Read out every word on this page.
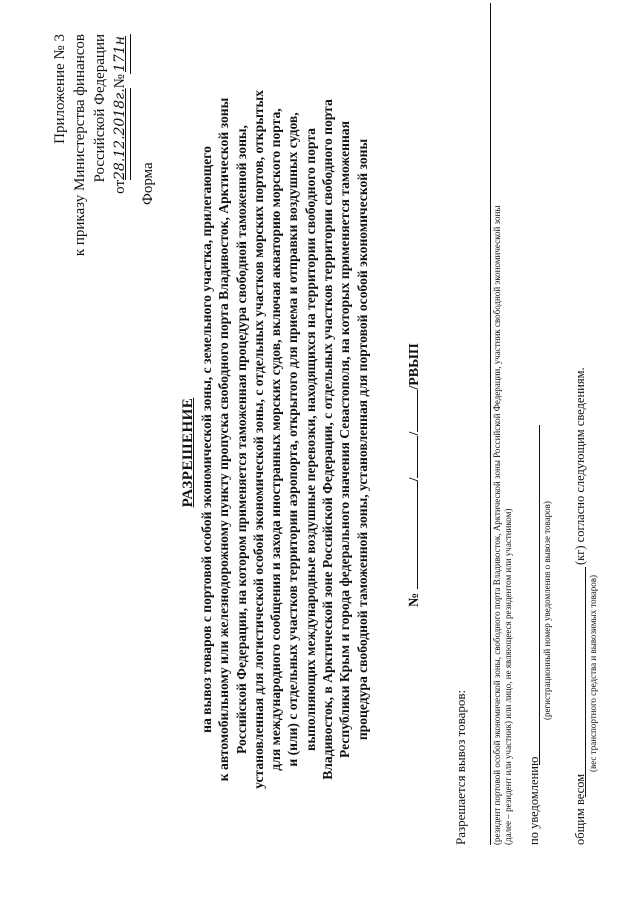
Приложение № 3 к приказу Министерства финансов Российской Федерации
от28.12.2018г.№171н
Форма
РАЗРЕШЕНИЕ на вывоз товаров с портовой особой экономической зоны, с земельного участка, прилегающего к автомобильному или железнодорожному пункту пропуска свободного порта Владивосток, Арктической зоны Российской Федерации, на котором применяется таможенная процедура свободной таможенной зоны, установленная для логистической особой экономической зоны, с отдельных участков морских портов, открытых для международного сообщения и захода иностранных морских судов, включая акваторию морского порта, и (или) с отдельных участков территории аэропорта, открытого для приема и отправки воздушных судов, выполняющих международные воздушные перевозки, находящихся на территории свободного порта Владивосток, в Арктической зоне Российской Федерации, с отдельных участков территории свободного порта Республики Крым и города федерального значения Севастополя, на которых применяется таможенная процедура свободной таможенной зоны, установленная для портовой особой экономической зоны	№ ///РВЫП
Разрешается вывоз товаров:	(резидент портовой особой экономической зоны, свободного порта Владивосток, Арктической зоны Российской Федерации, участник свободной экономической зоны (далее – резидент или участник) или лицо, не являющееся резидентом или участником) по уведомлению
(регистрационный номер уведомления о вывозе товаров)
общим весом
(кг) согласно следующим сведениям.
(вес транспортного средства и вывозимых товаров)
